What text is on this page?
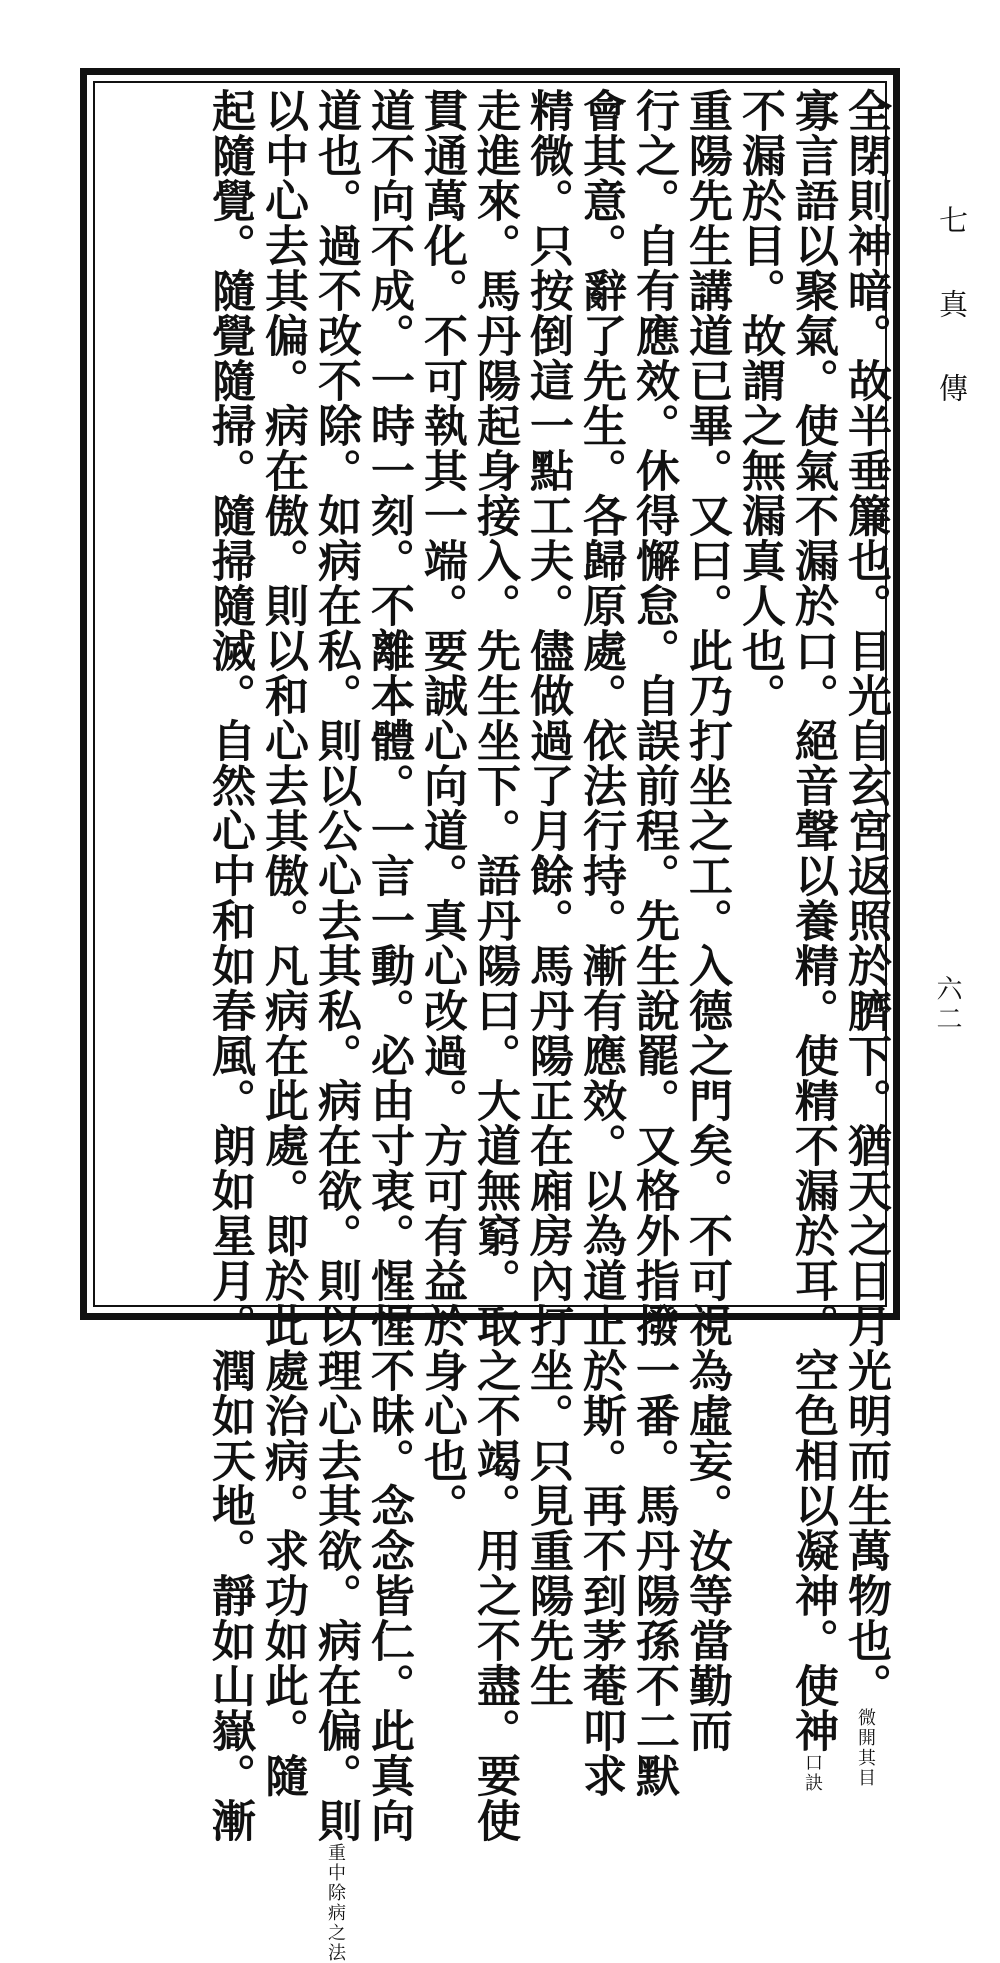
七真傳
六二
全閉則神暗。故半垂簾也。目光自玄宮返照於臍下。猶天之日月光明而生萬物也。微開其目
寡言語以聚氣。使氣不漏於口。絕音聲以養精。使精不漏於耳。空色相以凝神。使神口訣
不漏於目。故謂之無漏真人也。
重陽先生講道已畢。又曰。此乃打坐之工。入德之門矣。不可視為虛妄。汝等當勤而
行之。自有應效。休得懈怠。自誤前程。先生說罷。又格外指撥一番。馬丹陽孫不二默
會其意。辭了先生。各歸原處。依法行持。漸有應效。以為道止於斯。再不到茅菴叩求
精微。只按倒這一點工夫。儘做過了月餘。馬丹陽正在廂房內打坐。只見重陽先生
走進來。馬丹陽起身接入。先生坐下。語丹陽曰。大道無窮。取之不竭。用之不盡。要使
貫通萬化。不可執其一端。要誠心向道。真心改過。方可有益於身心也。
道不向不成。一時一刻。不離本體。一言一動。必由寸衷。惺惺不昧。念念皆仁。此真向
道也。過不改不除。如病在私。則以公心去其私。病在欲。則以理心去其欲。病在偏。則重中除病之法
以中心去其偏。病在傲。則以和心去其傲。凡病在此處。即於此處治病。求功如此。隨
起隨覺。隨覺隨掃。隨掃隨滅。自然心中和如春風。朗如星月。潤如天地。靜如山嶽。漸
